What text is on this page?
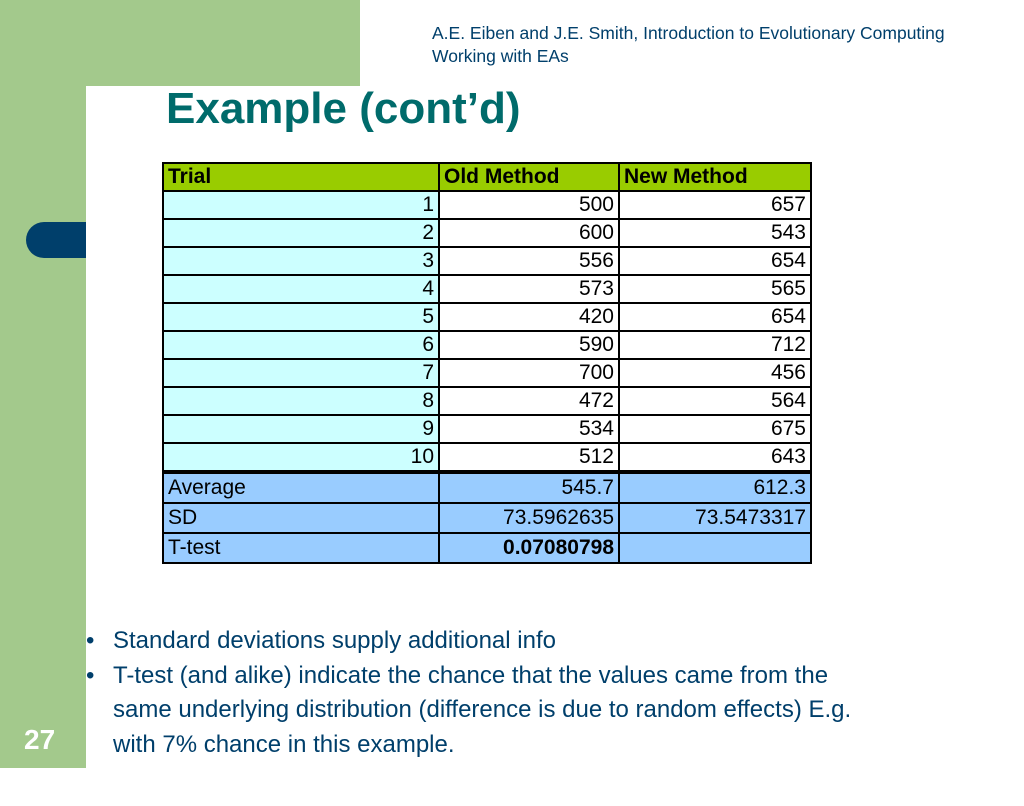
A.E. Eiben and J.E. Smith, Introduction to Evolutionary Computing
Working with EAs
Example (cont’d)
Trial	Old Method	New Method
1	500	657
2	600	543
3	556	654
4	573	565
5	420	654
6	590	712
7	700	456
8	472	564
9	534	675
10	512	643
Average	545.7	612.3
SD	73.5962635	73.5473317
T-test	0.07080798	
• Standard deviations supply additional info
• T-test (and alike) indicate the chance that the values came from the same underlying distribution (difference is due to random effects) E.g. with 7% chance in this example.
27
